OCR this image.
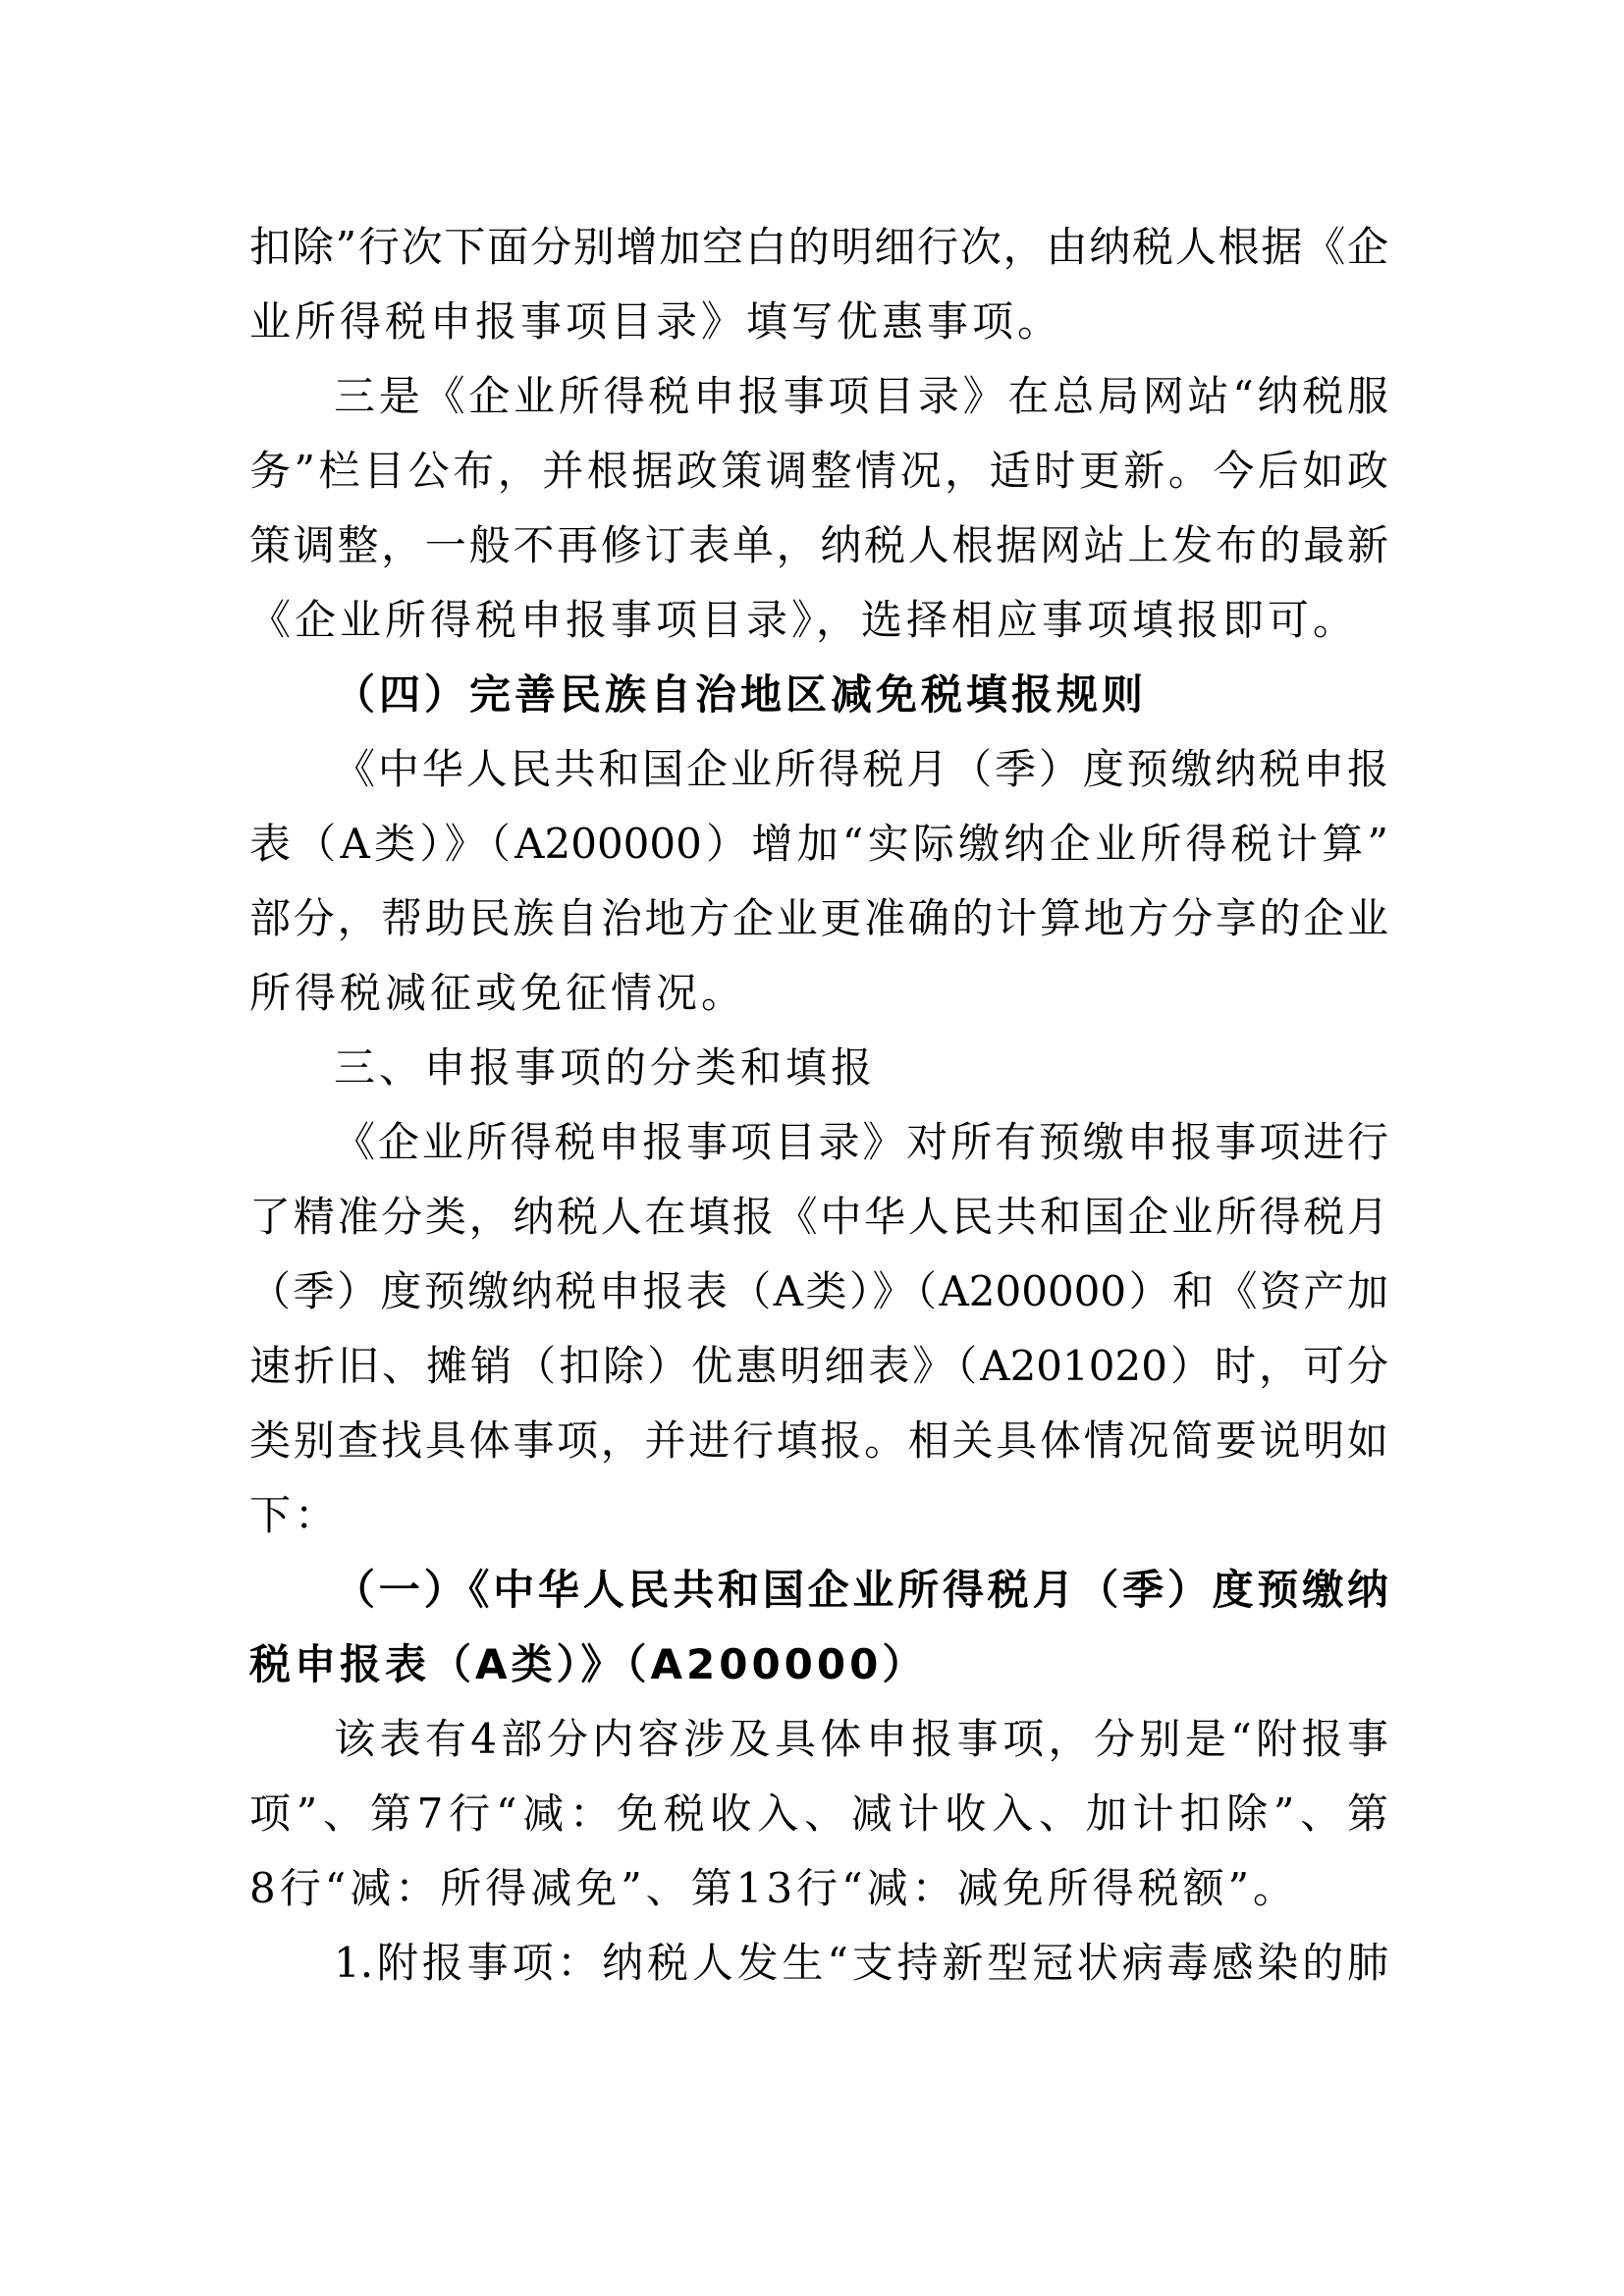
扣除”行次下面分别增加空白的明细行次，由纳税人根据《企
业所得税申报事项目录》填写优惠事项。
三是《企业所得税申报事项目录》在总局网站“纳税服
务”栏目公布，并根据政策调整情况，适时更新。今后如政
策调整，一般不再修订表单，纳税人根据网站上发布的最新
《企业所得税申报事项目录》，选择相应事项填报即可。
（四）完善民族自治地区减免税填报规则
《中华人民共和国企业所得税月（季）度预缴纳税申报
表（A类）》（A200000）增加“实际缴纳企业所得税计算”
部分，帮助民族自治地方企业更准确的计算地方分享的企业
所得税减征或免征情况。
三、申报事项的分类和填报
《企业所得税申报事项目录》对所有预缴申报事项进行
了精准分类，纳税人在填报《中华人民共和国企业所得税月
（季）度预缴纳税申报表（A类）》（A200000）和《资产加
速折旧、摊销（扣除）优惠明细表》（A201020）时，可分
类别查找具体事项，并进行填报。相关具体情况简要说明如
下：
（一）《中华人民共和国企业所得税月（季）度预缴纳
税申报表（A类）》（A200000）
该表有4部分内容涉及具体申报事项，分别是“附报事
项”、第7行“减：免税收入、减计收入、加计扣除”、第
8行“减：所得减免”、第13行“减：减免所得税额”。
1.附报事项：纳税人发生“支持新型冠状病毒感染的肺
